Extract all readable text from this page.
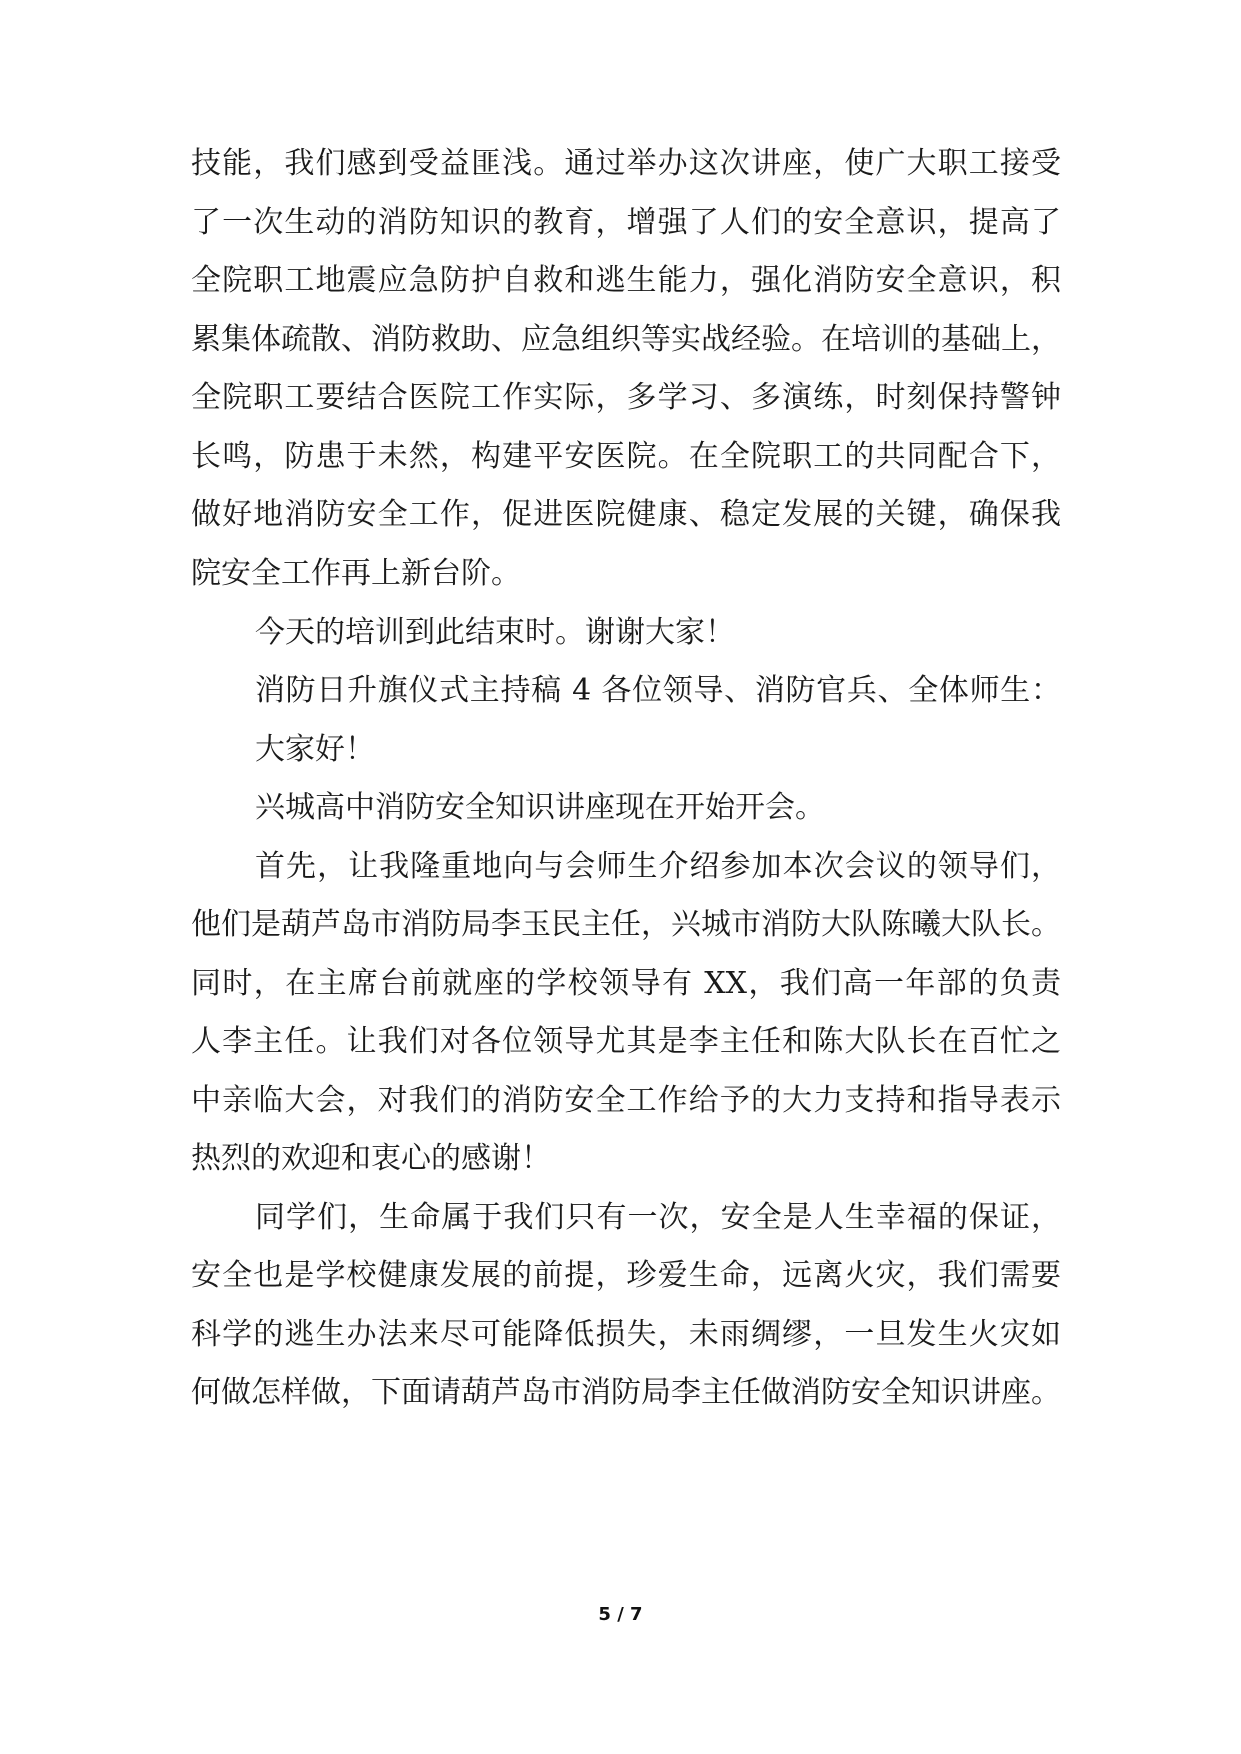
技能，我们感到受益匪浅。通过举办这次讲座，使广大职工接受
了一次生动的消防知识的教育，增强了人们的安全意识，提高了
全院职工地震应急防护自救和逃生能力，强化消防安全意识，积
累集体疏散、消防救助、应急组织等实战经验。在培训的基础上，
全院职工要结合医院工作实际，多学习、多演练，时刻保持警钟
长鸣，防患于未然，构建平安医院。在全院职工的共同配合下，
做好地消防安全工作，促进医院健康、稳定发展的关键，确保我
院安全工作再上新台阶。
今天的培训到此结束时。谢谢大家！
消防日升旗仪式主持稿 4 各位领导、消防官兵、全体师生：
大家好！
兴城高中消防安全知识讲座现在开始开会。
首先，让我隆重地向与会师生介绍参加本次会议的领导们，
他们是葫芦岛市消防局李玉民主任，兴城市消防大队陈曦大队长。
同时，在主席台前就座的学校领导有 XX，我们高一年部的负责
人李主任。让我们对各位领导尤其是李主任和陈大队长在百忙之
中亲临大会，对我们的消防安全工作给予的大力支持和指导表示
热烈的欢迎和衷心的感谢！
同学们，生命属于我们只有一次，安全是人生幸福的保证，
安全也是学校健康发展的前提，珍爱生命，远离火灾，我们需要
科学的逃生办法来尽可能降低损失，未雨绸缪，一旦发生火灾如
何做怎样做，下面请葫芦岛市消防局李主任做消防安全知识讲座。
5 / 7
